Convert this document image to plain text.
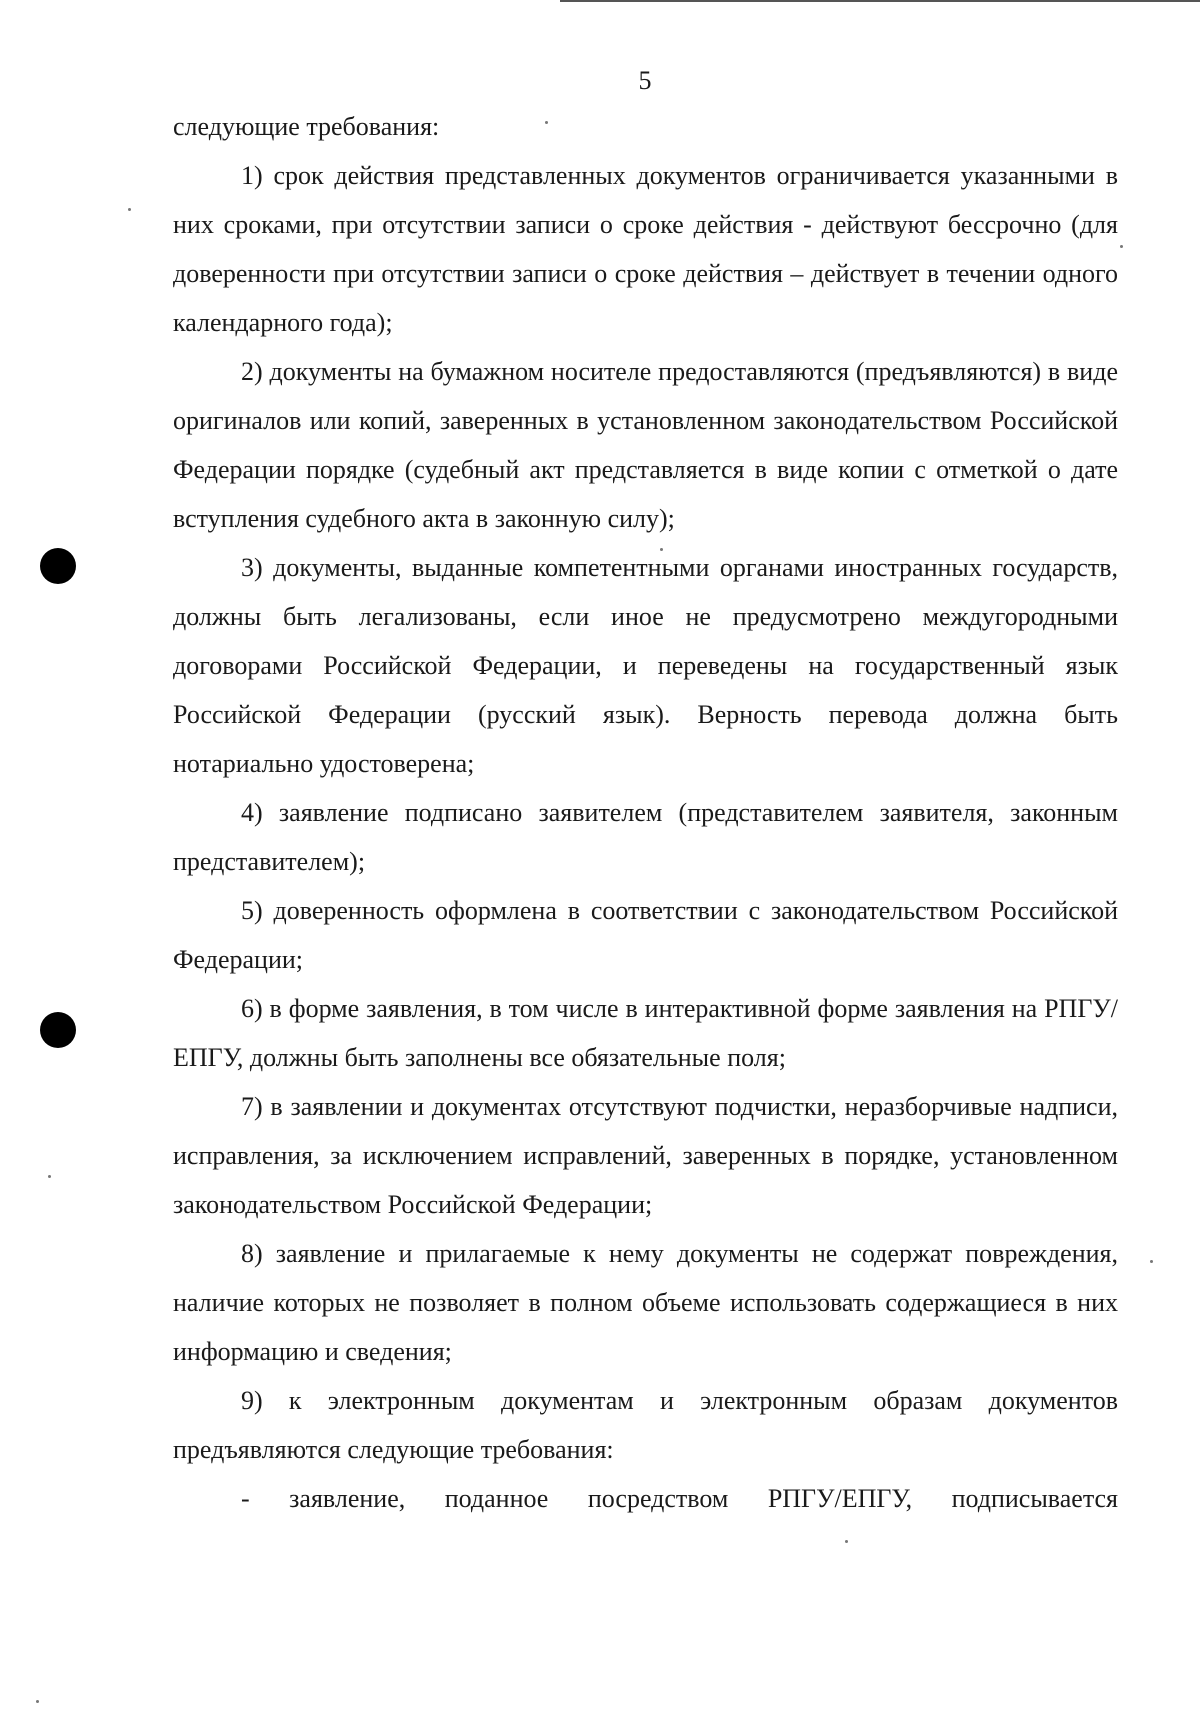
5

следующие требования:

1) срок действия представленных документов ограничивается указанными в них сроками, при отсутствии записи о сроке действия - действуют бессрочно (для доверенности при отсутствии записи о сроке действия – действует в течении одного календарного года);

2) документы на бумажном носителе предоставляются (предъявляются) в виде оригиналов или копий, заверенных в установленном законодательством Российской Федерации порядке (судебный акт представляется в виде копии с отметкой о дате вступления судебного акта в законную силу);

3) документы, выданные компетентными органами иностранных государств, должны быть легализованы, если иное не предусмотрено междугородными договорами Российской Федерации, и переведены на государственный язык Российской Федерации (русский язык). Верность перевода должна быть нотариально удостоверена;

4) заявление подписано заявителем (представителем заявителя, законным представителем);

5) доверенность оформлена в соответствии с законодательством Российской Федерации;

6) в форме заявления, в том числе в интерактивной форме заявления на РПГУ/ЕПГУ, должны быть заполнены все обязательные поля;

7) в заявлении и документах отсутствуют подчистки, неразборчивые надписи, исправления, за исключением исправлений, заверенных в порядке, установленном законодательством Российской Федерации;

8) заявление и прилагаемые к нему документы не содержат повреждения, наличие которых не позволяет в полном объеме использовать содержащиеся в них информацию и сведения;

9) к электронным документам и электронным образам документов предъявляются следующие требования:

- заявление, поданное посредством РПГУ/ЕПГУ, подписывается
